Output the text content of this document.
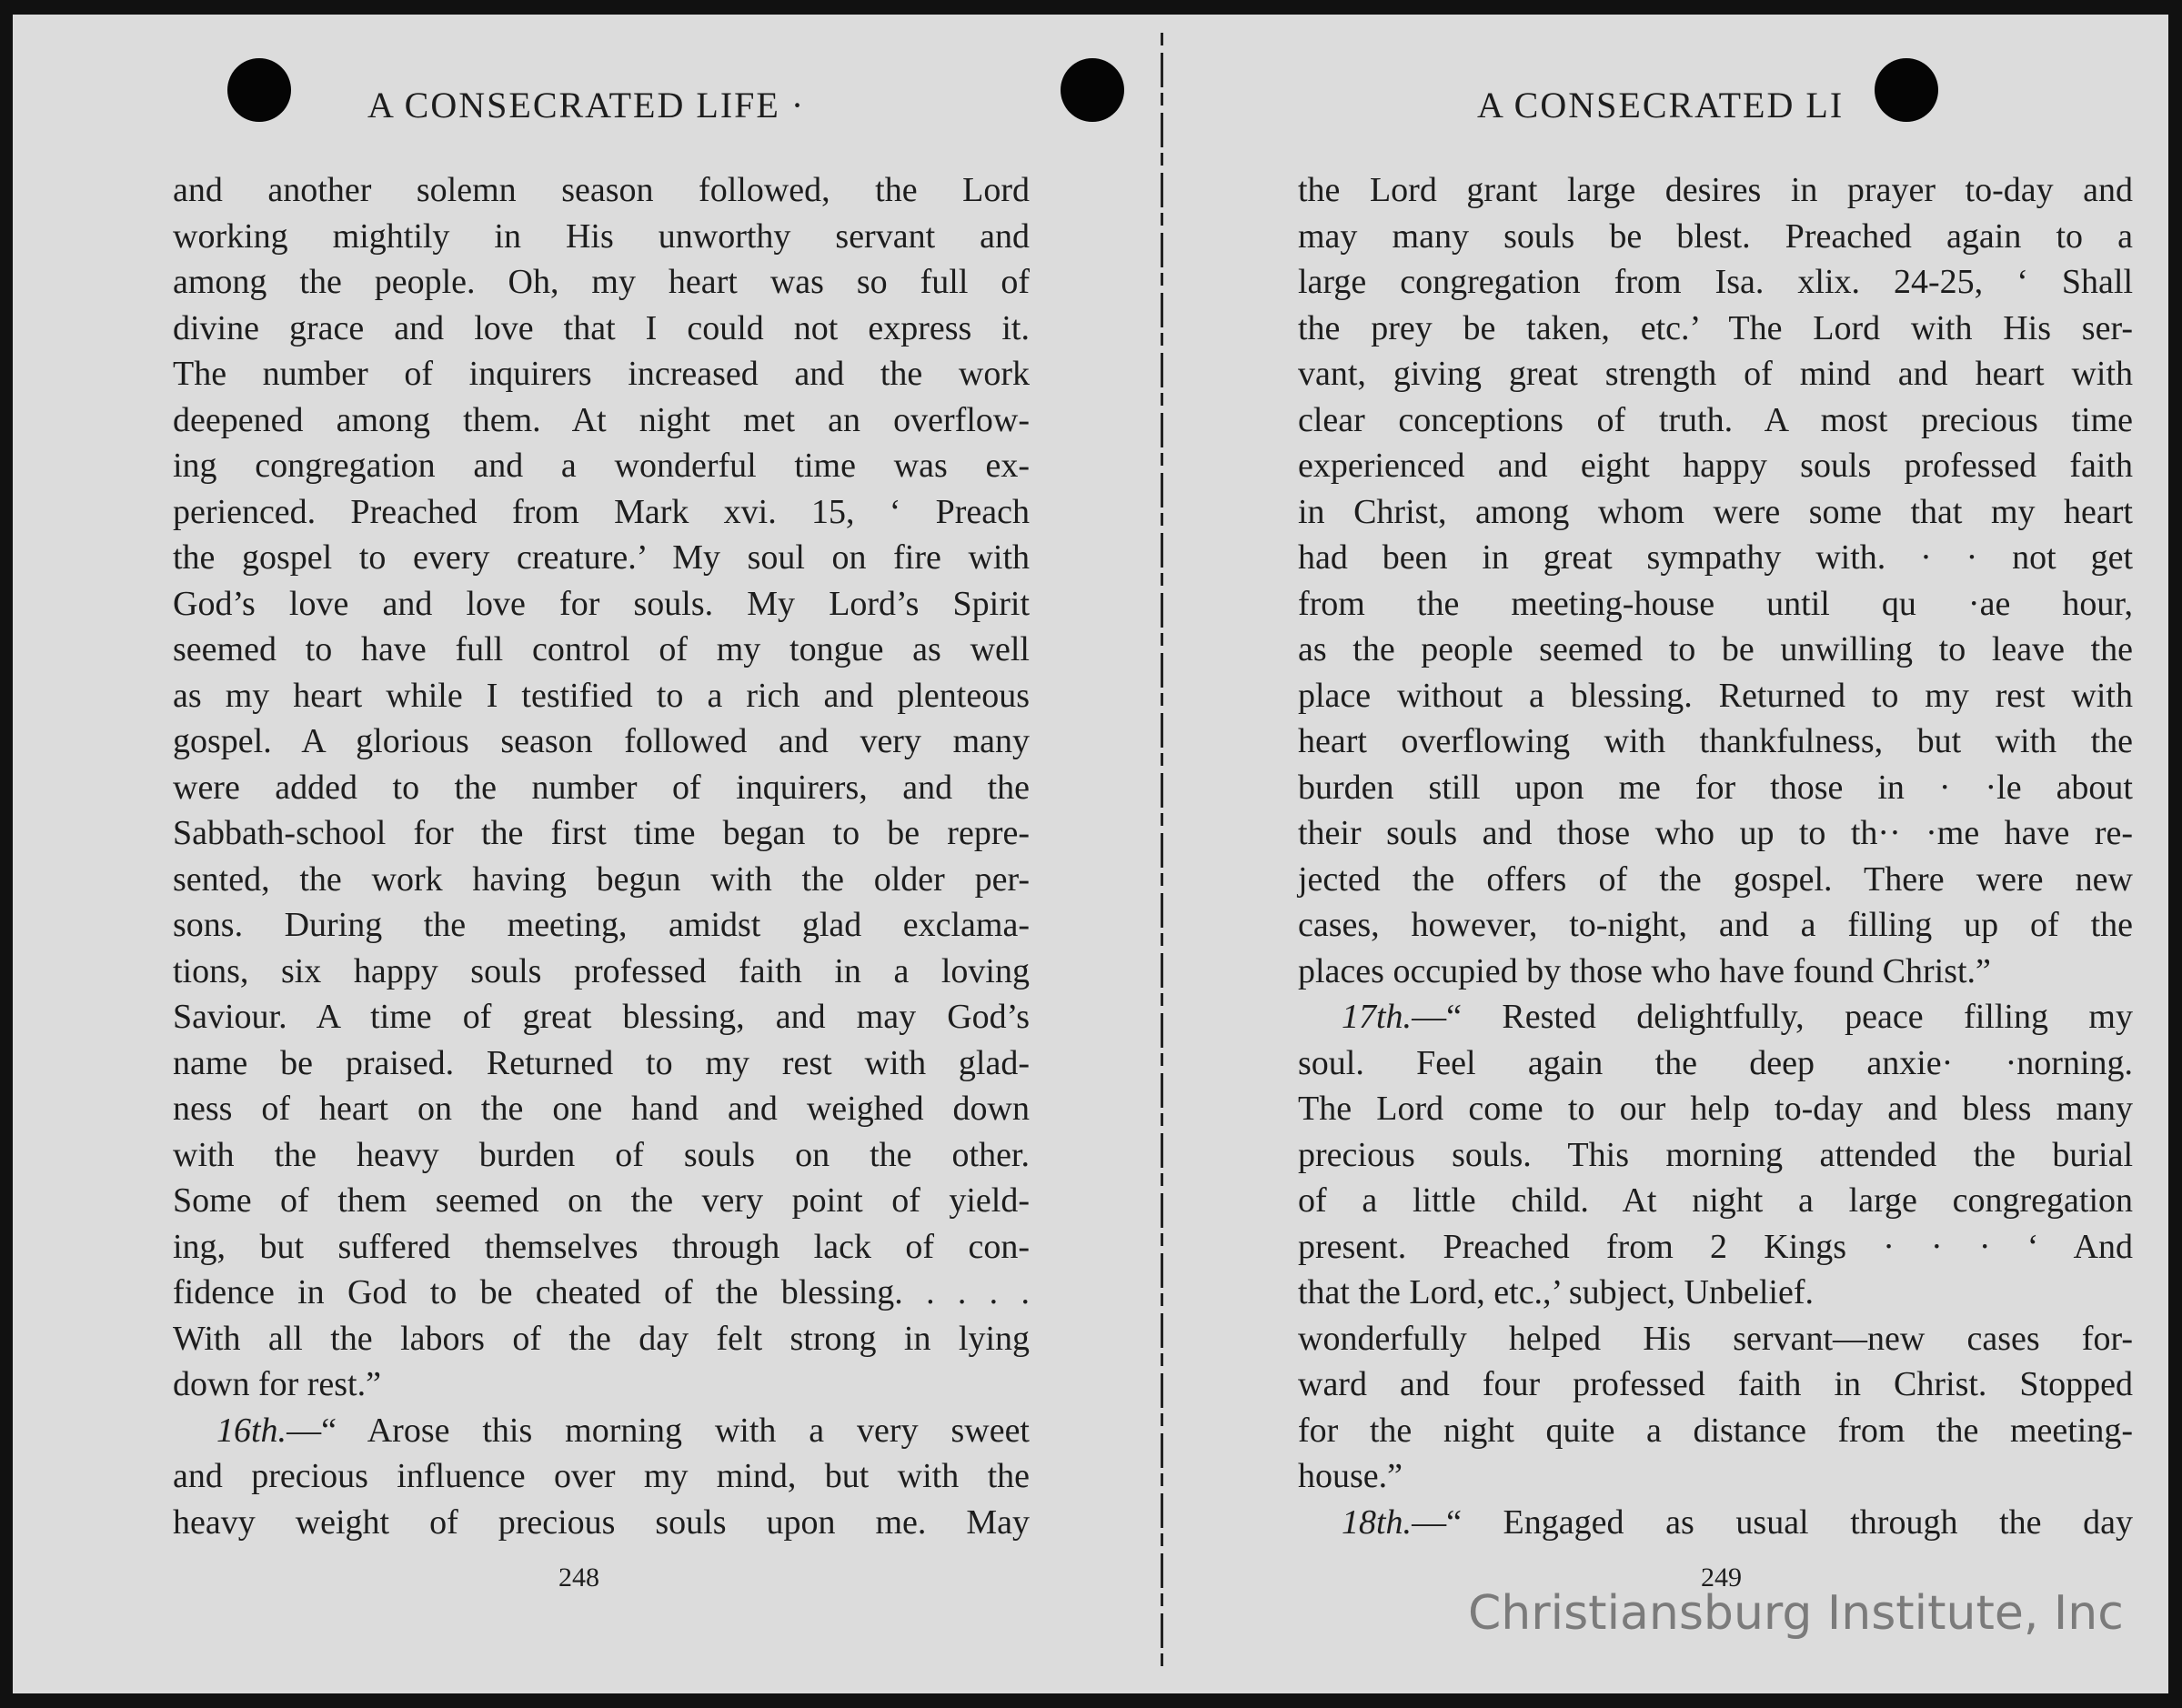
A CONSECRATED LIFE ·
and another solemn season followed, the Lord
working mightily in His unworthy servant and
among the people. Oh, my heart was so full of
divine grace and love that I could not express it.
The number of inquirers increased and the work
deepened among them. At night met an overflow-
ing congregation and a wonderful time was ex-
perienced. Preached from Mark xvi. 15, ‘ Preach
the gospel to every creature.’ My soul on fire with
God’s love and love for souls. My Lord’s Spirit
seemed to have full control of my tongue as well
as my heart while I testified to a rich and plenteous
gospel. A glorious season followed and very many
were added to the number of inquirers, and the
Sabbath-school for the first time began to be repre-
sented, the work having begun with the older per-
sons. During the meeting, amidst glad exclama-
tions, six happy souls professed faith in a loving
Saviour. A time of great blessing, and may God’s
name be praised. Returned to my rest with glad-
ness of heart on the one hand and weighed down
with the heavy burden of souls on the other.
Some of them seemed on the very point of yield-
ing, but suffered themselves through lack of con-
fidence in God to be cheated of the blessing. . . . .
With all the labors of the day felt strong in lying
down for rest.”
16th.—“ Arose this morning with a very sweet
and precious influence over my mind, but with the
heavy weight of precious souls upon me. May
248
A CONSECRATED LI
the Lord grant large desires in prayer to-day and
may many souls be blest. Preached again to a
large congregation from Isa. xlix. 24-25, ‘ Shall
the prey be taken, etc.’ The Lord with His ser-
vant, giving great strength of mind and heart with
clear conceptions of truth. A most precious time
experienced and eight happy souls professed faith
in Christ, among whom were some that my heart
had been in great sympathy with. · · not get
from the meeting-house until qu ·ae hour,
as the people seemed to be unwilling to leave the
place without a blessing. Returned to my rest with
heart overflowing with thankfulness, but with the
burden still upon me for those in · ·le about
their souls and those who up to th·· ·me have re-
jected the offers of the gospel. There were new
cases, however, to-night, and a filling up of the
places occupied by those who have found Christ.”
17th.—“ Rested delightfully, peace filling my
soul. Feel again the deep anxie· ·norning.
The Lord come to our help to-day and bless many
precious souls. This morning attended the burial
of a little child. At night a large congregation
present. Preached from 2 Kings · · · ‘ And
that the Lord, etc.,’ subject, Unbelief.
wonderfully helped His servant—new cases for-
ward and four professed faith in Christ. Stopped
for the night quite a distance from the meeting-
house.”
18th.—“ Engaged as usual through the day
249
Christiansburg Institute, Inc
